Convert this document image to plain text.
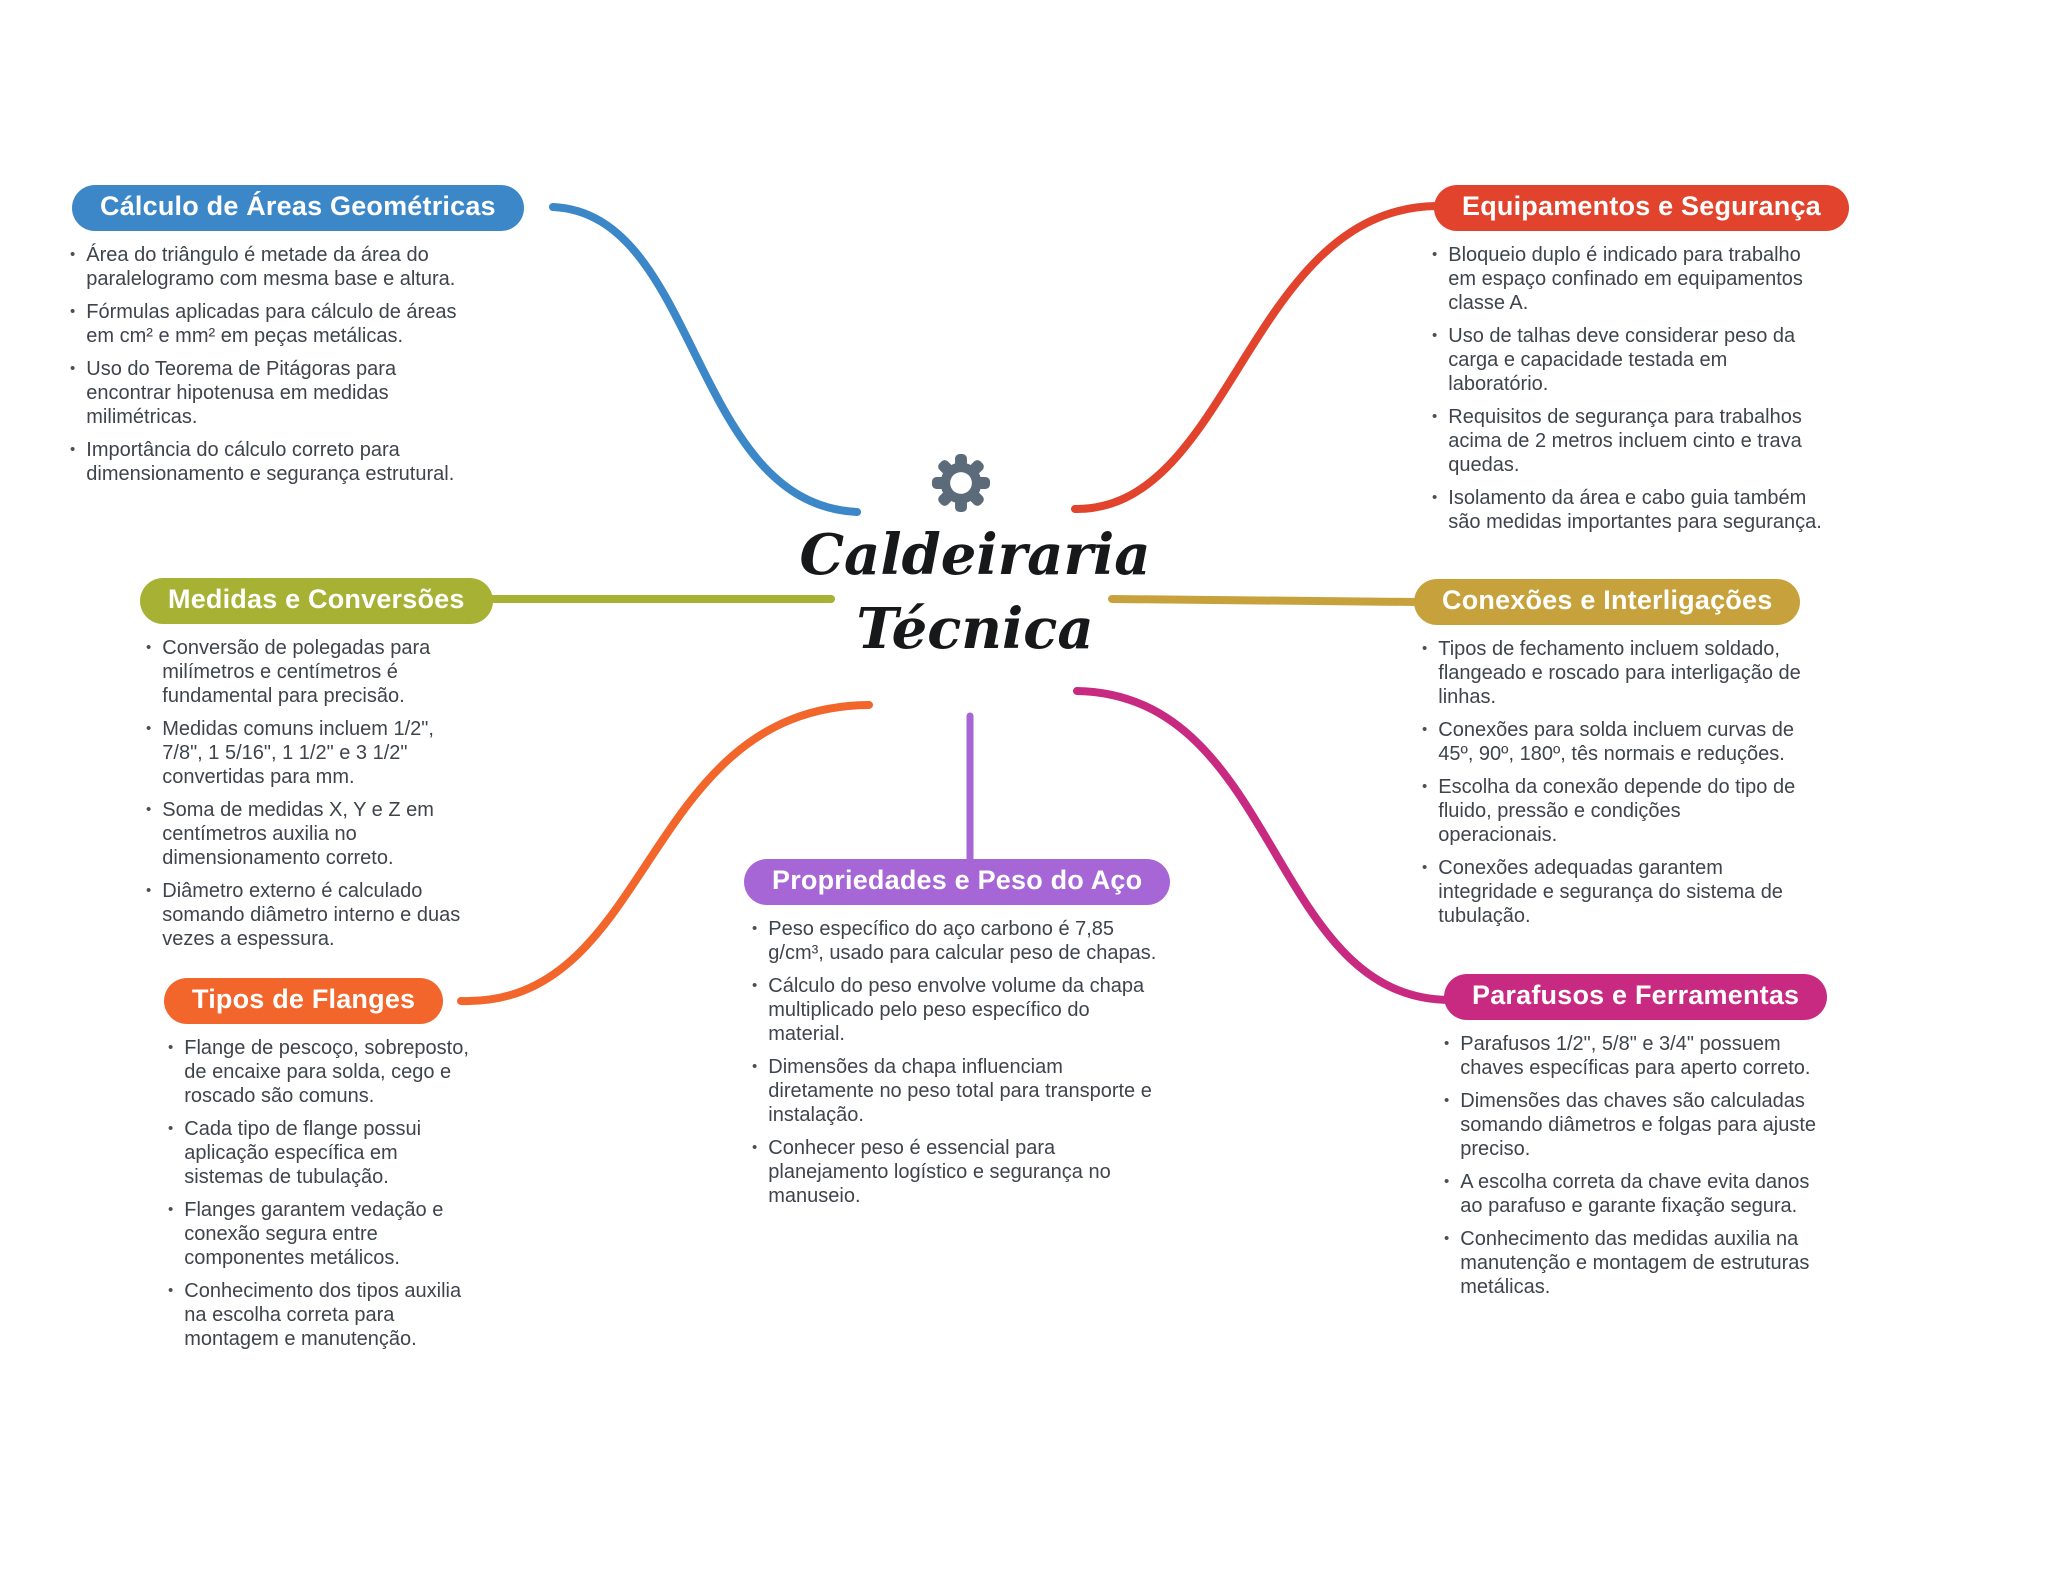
Caldeiraria
Técnica
Cálculo de Áreas Geométricas
• Área do triângulo é metade da área do paralelogramo com mesma base e altura.
• Fórmulas aplicadas para cálculo de áreas em cm² e mm² em peças metálicas.
• Uso do Teorema de Pitágoras para encontrar hipotenusa em medidas milimétricas.
• Importância do cálculo correto para dimensionamento e segurança estrutural.
Medidas e Conversões
• Conversão de polegadas para milímetros e centímetros é fundamental para precisão.
• Medidas comuns incluem 1/2", 7/8", 1 5/16", 1 1/2" e 3 1/2" convertidas para mm.
• Soma de medidas X, Y e Z em centímetros auxilia no dimensionamento correto.
• Diâmetro externo é calculado somando diâmetro interno e duas vezes a espessura.
Tipos de Flanges
• Flange de pescoço, sobreposto, de encaixe para solda, cego e roscado são comuns.
• Cada tipo de flange possui aplicação específica em sistemas de tubulação.
• Flanges garantem vedação e conexão segura entre componentes metálicos.
• Conhecimento dos tipos auxilia na escolha correta para montagem e manutenção.
Equipamentos e Segurança
• Bloqueio duplo é indicado para trabalho em espaço confinado em equipamentos classe A.
• Uso de talhas deve considerar peso da carga e capacidade testada em laboratório.
• Requisitos de segurança para trabalhos acima de 2 metros incluem cinto e trava quedas.
• Isolamento da área e cabo guia também são medidas importantes para segurança.
Conexões e Interligações
• Tipos de fechamento incluem soldado, flangeado e roscado para interligação de linhas.
• Conexões para solda incluem curvas de 45º, 90º, 180º, tês normais e reduções.
• Escolha da conexão depende do tipo de fluido, pressão e condições operacionais.
• Conexões adequadas garantem integridade e segurança do sistema de tubulação.
Parafusos e Ferramentas
• Parafusos 1/2", 5/8" e 3/4" possuem chaves específicas para aperto correto.
• Dimensões das chaves são calculadas somando diâmetros e folgas para ajuste preciso.
• A escolha correta da chave evita danos ao parafuso e garante fixação segura.
• Conhecimento das medidas auxilia na manutenção e montagem de estruturas metálicas.
Propriedades e Peso do Aço
• Peso específico do aço carbono é 7,85 g/cm³, usado para calcular peso de chapas.
• Cálculo do peso envolve volume da chapa multiplicado pelo peso específico do material.
• Dimensões da chapa influenciam diretamente no peso total para transporte e instalação.
• Conhecer peso é essencial para planejamento logístico e segurança no manuseio.
